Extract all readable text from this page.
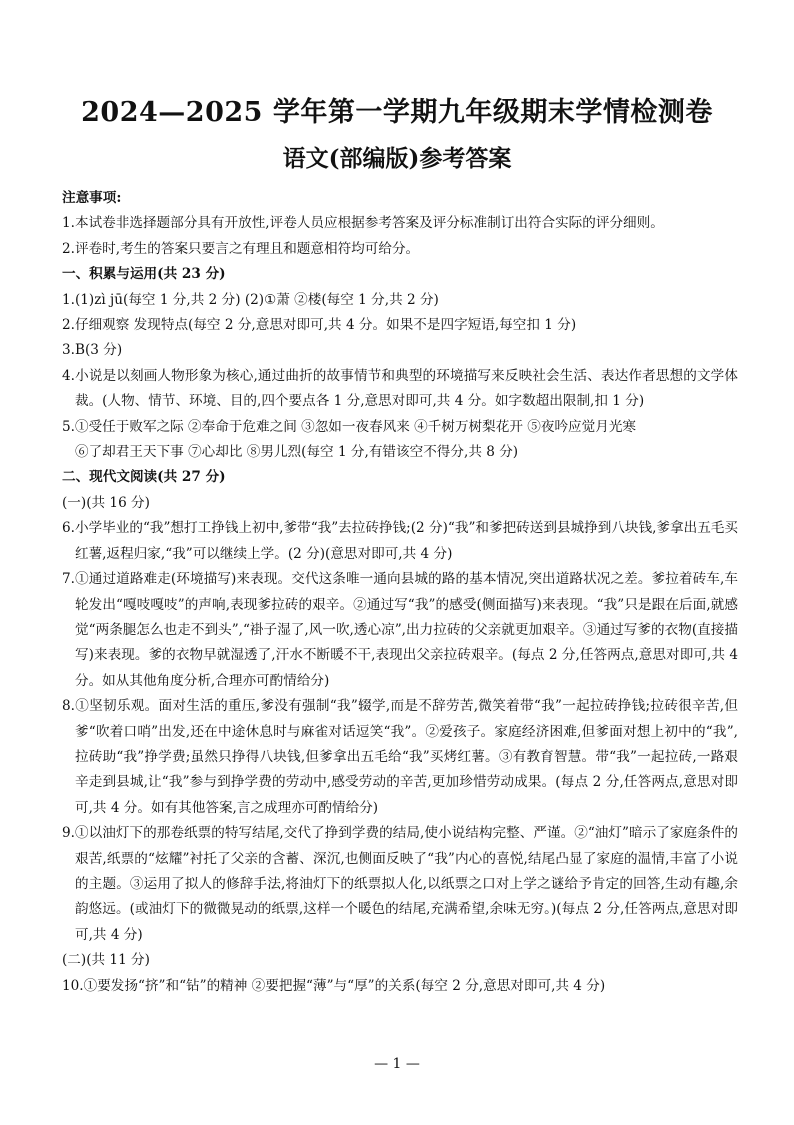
2024—2025 学年第一学期九年级期末学情检测卷
语文(部编版)参考答案
注意事项:
1.本试卷非选择题部分具有开放性,评卷人员应根据参考答案及评分标准制订出符合实际的评分细则。
2.评卷时,考生的答案只要言之有理且和题意相符均可给分。
一、积累与运用(共 23 分)
1.(1)zì jū(每空 1 分,共 2 分) (2)①萧 ②楼(每空 1 分,共 2 分)
2.仔细观察 发现特点(每空 2 分,意思对即可,共 4 分。如果不是四字短语,每空扣 1 分)
3.B(3 分)
4.小说是以刻画人物形象为核心,通过曲折的故事情节和典型的环境描写来反映社会生活、表达作者思想的文学体裁。(人物、情节、环境、目的,四个要点各 1 分,意思对即可,共 4 分。如字数超出限制,扣 1 分)
5.①受任于败军之际 ②奉命于危难之间 ③忽如一夜春风来 ④千树万树梨花开 ⑤夜吟应觉月光寒
⑥了却君王天下事 ⑦心却比 ⑧男儿烈(每空 1 分,有错该空不得分,共 8 分)
二、现代文阅读(共 27 分)
(一)(共 16 分)
6.小学毕业的“我”想打工挣钱上初中,爹带“我”去拉砖挣钱;(2 分)“我”和爹把砖送到县城挣到八块钱,爹拿出五毛买红薯,返程归家,“我”可以继续上学。(2 分)(意思对即可,共 4 分)
7.①通过道路难走(环境描写)来表现。交代这条唯一通向县城的路的基本情况,突出道路状况之差。爹拉着砖车,车轮发出“嘎吱嘎吱”的声响,表现爹拉砖的艰辛。②通过写“我”的感受(侧面描写)来表现。“我”只是跟在后面,就感觉“两条腿怎么也走不到头”,“褂子湿了,风一吹,透心凉”,出力拉砖的父亲就更加艰辛。③通过写爹的衣物(直接描写)来表现。爹的衣物早就湿透了,汗水不断暖不干,表现出父亲拉砖艰辛。(每点 2 分,任答两点,意思对即可,共 4 分。如从其他角度分析,合理亦可酌情给分)
8.①坚韧乐观。面对生活的重压,爹没有强制“我”辍学,而是不辞劳苦,微笑着带“我”一起拉砖挣钱;拉砖很辛苦,但爹“吹着口哨”出发,还在中途休息时与麻雀对话逗笑“我”。②爱孩子。家庭经济困难,但爹面对想上初中的“我”,拉砖助“我”挣学费;虽然只挣得八块钱,但爹拿出五毛给“我”买烤红薯。③有教育智慧。带“我”一起拉砖,一路艰辛走到县城,让“我”参与到挣学费的劳动中,感受劳动的辛苦,更加珍惜劳动成果。(每点 2 分,任答两点,意思对即可,共 4 分。如有其他答案,言之成理亦可酌情给分)
9.①以油灯下的那卷纸票的特写结尾,交代了挣到学费的结局,使小说结构完整、严谨。②“油灯”暗示了家庭条件的艰苦,纸票的“炫耀”衬托了父亲的含蓄、深沉,也侧面反映了“我”内心的喜悦,结尾凸显了家庭的温情,丰富了小说的主题。③运用了拟人的修辞手法,将油灯下的纸票拟人化,以纸票之口对上学之谜给予肯定的回答,生动有趣,余韵悠远。(或油灯下的微微晃动的纸票,这样一个暖色的结尾,充满希望,余味无穷。)(每点 2 分,任答两点,意思对即可,共 4 分)
(二)(共 11 分)
10.①要发扬“挤”和“钻”的精神 ②要把握“薄”与“厚”的关系(每空 2 分,意思对即可,共 4 分)
— 1 —
